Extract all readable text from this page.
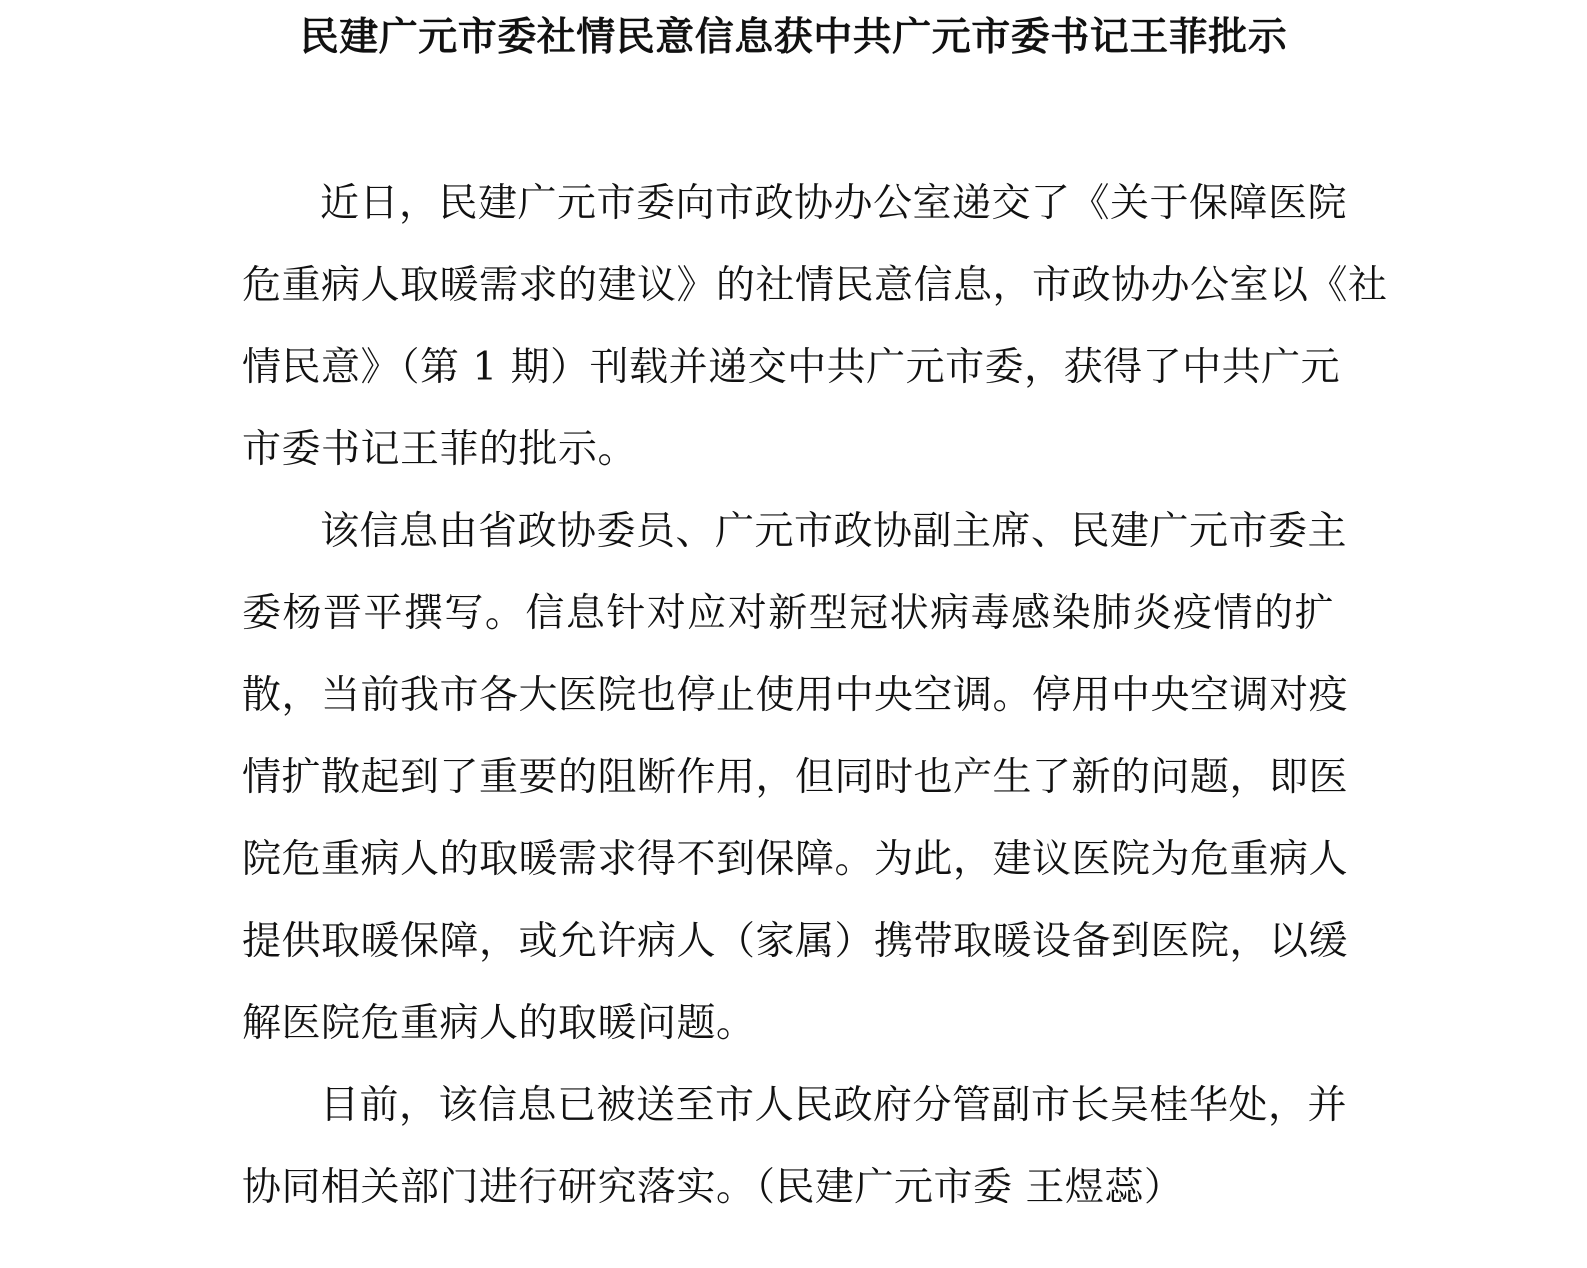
民建广元市委社情民意信息获中共广元市委书记王菲批示
近日，民建广元市委向市政协办公室递交了《关于保障医院
危重病人取暖需求的建议》的社情民意信息，市政协办公室以《社
情民意》（第 1 期）刊载并递交中共广元市委，获得了中共广元
市委书记王菲的批示。
该信息由省政协委员、广元市政协副主席、民建广元市委主
委杨晋平撰写。信息针对应对新型冠状病毒感染肺炎疫情的扩
散，当前我市各大医院也停止使用中央空调。停用中央空调对疫
情扩散起到了重要的阻断作用，但同时也产生了新的问题，即医
院危重病人的取暖需求得不到保障。为此，建议医院为危重病人
提供取暖保障，或允许病人（家属）携带取暖设备到医院，以缓
解医院危重病人的取暖问题。
目前，该信息已被送至市人民政府分管副市长吴桂华处，并
协同相关部门进行研究落实。（民建广元市委 王煜蕊）
